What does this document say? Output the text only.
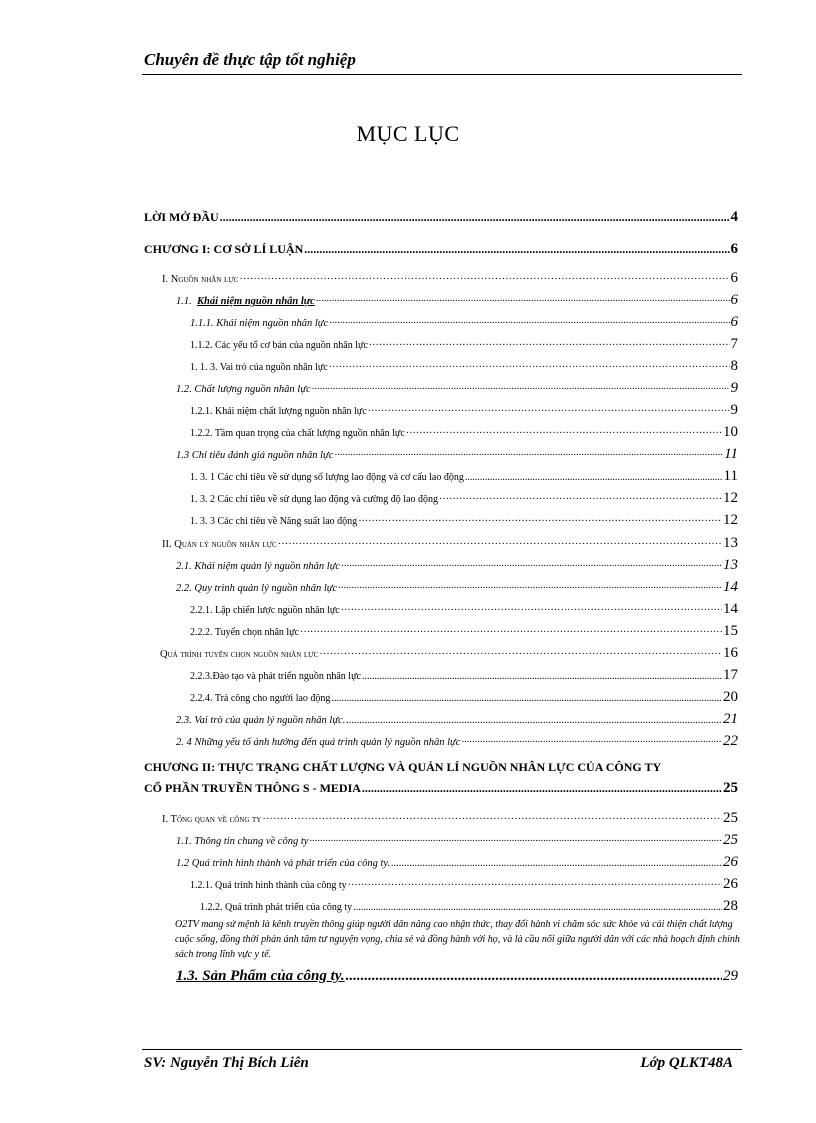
Chuyên đề thực tập tốt nghiệp
MỤC LỤC
LỜI MỞ ĐẦU .....	4
CHƯƠNG I: CƠ SỞ LÍ LUẬN .....	6
I. Nguồn nhân lực ·····	6
1.1. Khái niệm nguồn nhân lực ·····	6
1.1.1. Khái niệm nguồn nhân lực ·····	6
1.1.2. Các yếu tố cơ bản của nguồn nhân lực ·····	7
1. 1. 3. Vai trò của nguồn nhân lực ·····	8
1.2. Chất lượng nguồn nhân lực ·····	9
1.2.1. Khái niệm chất lượng nguồn nhân lực ·····	9
1.2.2. Tầm quan trọng của chất lượng nguồn nhân lực ·····	10
1.3 Chỉ tiêu đánh giá nguồn nhân lực ·····	11
1. 3. 1 Các chỉ tiêu về sử dụng số lượng lao động và cơ cấu lao động .....	11
1. 3. 2 Các chỉ tiêu về sử dụng lao động và cường độ lao động ·····	12
1. 3. 3 Các chỉ tiêu về Năng suất lao động ·····	12
II. Quản lý nguồn nhân lực ·····	13
2.1. Khái niệm quản lý nguồn nhân lực ·····	13
2.2. Quy trình quản lý nguồn nhân lực ·····	14
2.2.1. Lập chiến lược nguồn nhân lực ·····	14
2.2.2. Tuyển chọn nhân lực ·····	15
Quá trình tuyển chọn nguồn nhân lực ·····	16
2.2.3.Đào tạo và phát triển nguồn nhân lực .....	17
2.2.4. Trả công cho người lao động .....	20
2.3. Vai trò của quản lý nguồn nhân lực. .....	21
2. 4 Những yếu tố ảnh hưởng đến quá trình quản lý nguồn nhân lực ·····	22
CHƯƠNG II: THỰC TRẠNG CHẤT LƯỢNG VÀ QUẢN LÍ NGUỒN NHÂN LỰC CỦA CÔNG TY
CỔ PHẦN TRUYỀN THÔNG S - MEDIA .....	25
I. Tổng quan về công ty ·····	25
1.1. Thông tin chung về công ty ·····	25
1.2 Quá trình hình thành và phát triển của công ty. .....	26
1.2.1. Quá trình hình thành của công ty ·····	26
1.2.2. Quá trình phát triển của công ty .....	28
O2TV mang sứ mệnh là kênh truyền thông giúp người dân nâng cao nhận thức, thay đổi hành vi chăm sóc sức khỏe và cải thiện chất lượng cuộc sống, đồng thời phản ánh tâm tư nguyện vọng, chia sẻ và đồng hành với họ, và là cầu nối giữa người dân với các nhà hoạch định chính sách trong lĩnh vực y tế.
1.3. Sản Phẩm của công ty. .....	29
SV: Nguyễn Thị Bích Liên	Lớp QLKT48A
